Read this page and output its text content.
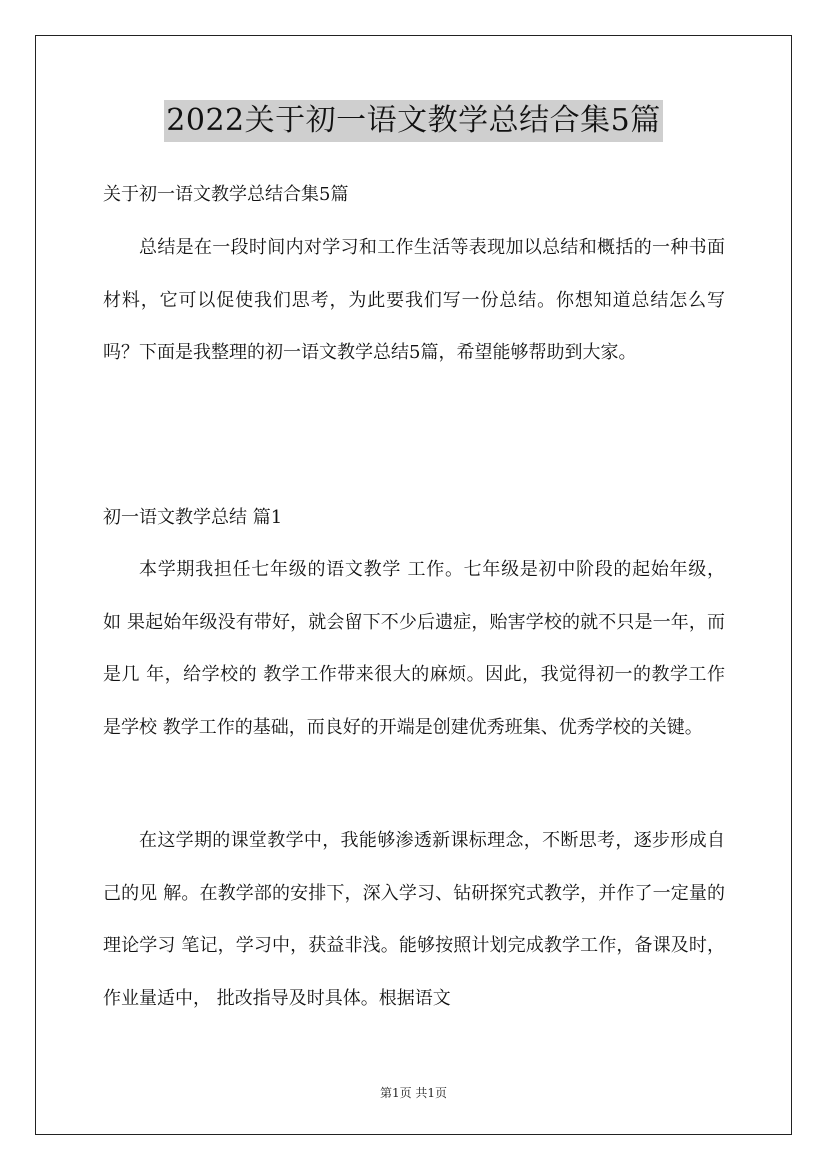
2022关于初一语文教学总结合集5篇
关于初一语文教学总结合集5篇
总结是在一段时间内对学习和工作生活等表现加以总结和概括的一种书面材料，它可以促使我们思考，为此要我们写一份总结。你想知道总结怎么写吗？下面是我整理的初一语文教学总结5篇，希望能够帮助到大家。
初一语文教学总结 篇1
本学期我担任七年级的语文教学 工作。七年级是初中阶段的起始年级， 如 果起始年级没有带好，就会留下不少后遗症，贻害学校的就不只是一年，而是几 年，给学校的 教学工作带来很大的麻烦。因此，我觉得初一的教学工作是学校 教学工作的基础，而良好的开端是创建优秀班集、优秀学校的关键。
在这学期的课堂教学中，我能够渗透新课标理念，不断思考，逐步形成自己的见 解。在教学部的安排下，深入学习、钻研探究式教学，并作了一定量的理论学习 笔记，学习中，获益非浅。能够按照计划完成教学工作，备课及时，作业量适中， 批改指导及时具体。根据语文
第1页 共1页
